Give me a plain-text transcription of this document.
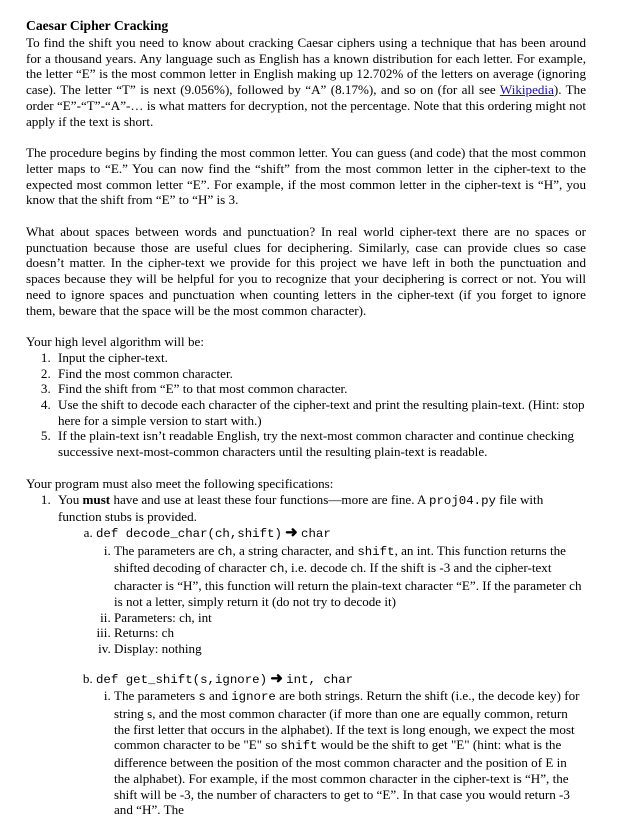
Caesar Cipher Cracking

To find the shift you need to know about cracking Caesar ciphers using a technique that has been around for a thousand years. Any language such as English has a known distribution for each letter. For example, the letter “E” is the most common letter in English making up 12.702% of the letters on average (ignoring case). The letter “T” is next (9.056%), followed by “A” (8.17%), and so on (for all see Wikipedia). The order “E”-“T”-“A”-… is what matters for decryption, not the percentage. Note that this ordering might not apply if the text is short.

The procedure begins by finding the most common letter. You can guess (and code) that the most common letter maps to “E.” You can now find the “shift” from the most common letter in the cipher-text to the expected most common letter “E”. For example, if the most common letter in the cipher-text is “H”, you know that the shift from “E” to “H” is 3.

What about spaces between words and punctuation? In real world cipher-text there are no spaces or punctuation because those are useful clues for deciphering. Similarly, case can provide clues so case doesn’t matter. In the cipher-text we provide for this project we have left in both the punctuation and spaces because they will be helpful for you to recognize that your deciphering is correct or not. You will need to ignore spaces and punctuation when counting letters in the cipher-text (if you forget to ignore them, beware that the space will be the most common character).

Your high level algorithm will be:
1. Input the cipher-text.
2. Find the most common character.
3. Find the shift from “E” to that most common character.
4. Use the shift to decode each character of the cipher-text and print the resulting plain-text. (Hint: stop here for a simple version to start with.)
5. If the plain-text isn’t readable English, try the next-most common character and continue checking successive next-most-common characters until the resulting plain-text is readable.
Your program must also meet the following specifications:
1. You must have and use at least these four functions—more are fine. A proj04.py file with function stubs is provided.
a. def decode_char(ch,shift) ➜ char
i. The parameters are ch, a string character, and shift, an int. This function returns the shifted decoding of character ch, i.e. decode ch. If the shift is -3 and the cipher-text character is “H”, this function will return the plain-text character “E”. If the parameter ch is not a letter, simply return it (do not try to decode it)
ii. Parameters: ch, int
iii. Returns: ch
iv. Display: nothing
b. def get_shift(s,ignore) ➜ int, char
i. The parameters s and ignore are both strings. Return the shift (i.e., the decode key) for string s, and the most common character (if more than one are equally common, return the first letter that occurs in the alphabet). If the text is long enough, we expect the most common character to be "E" so shift would be the shift to get "E" (hint: what is the difference between the position of the most common character and the position of E in the alphabet). For example, if the most common character in the cipher-text is “H”, the shift will be -3, the number of characters to get to “E”. In that case you would return -3 and “H”. The
